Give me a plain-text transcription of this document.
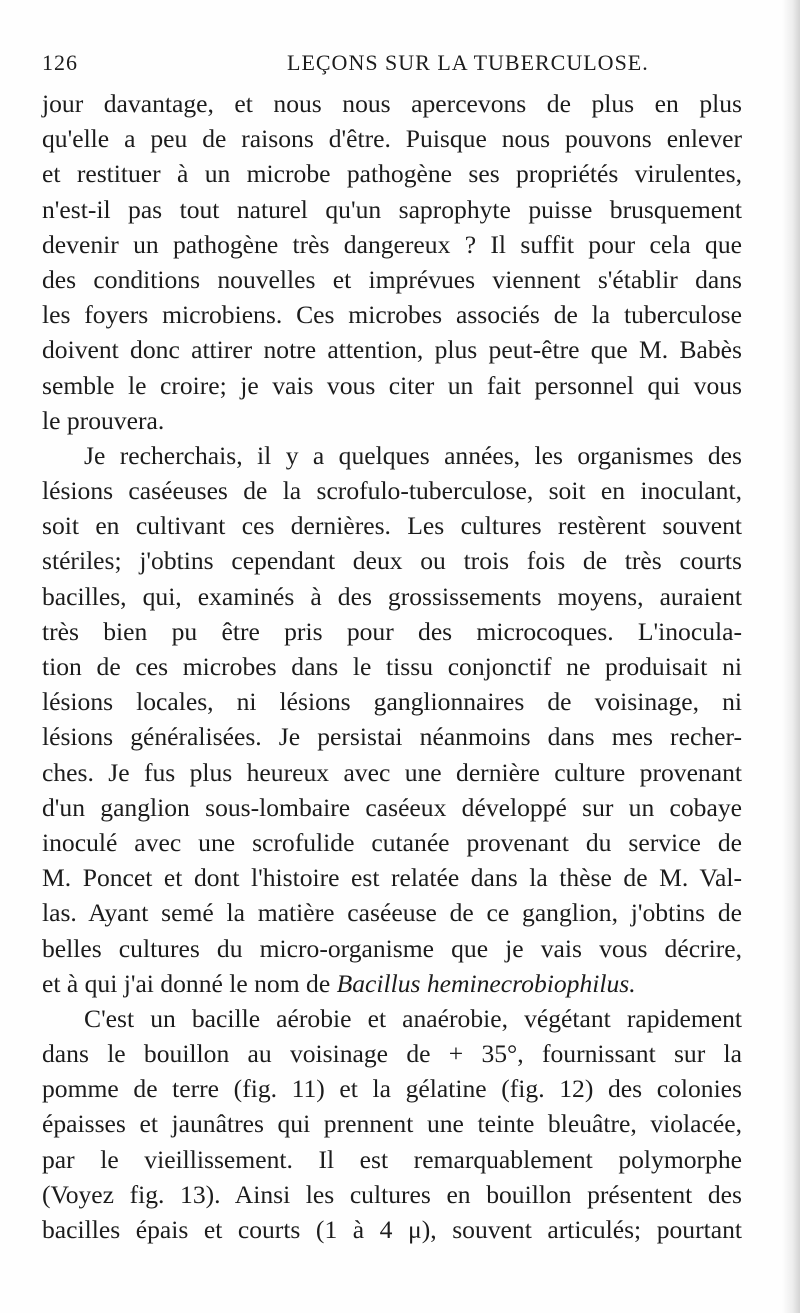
126	LEÇONS SUR LA TUBERCULOSE.
jour davantage, et nous nous apercevons de plus en plus
qu'elle a peu de raisons d'être. Puisque nous pouvons enlever
et restituer à un microbe pathogène ses propriétés virulentes,
n'est-il pas tout naturel qu'un saprophyte puisse brusquement
devenir un pathogène très dangereux ? Il suffit pour cela que
des conditions nouvelles et imprévues viennent s'établir dans
les foyers microbiens. Ces microbes associés de la tuberculose
doivent donc attirer notre attention, plus peut-être que M. Babès
semble le croire; je vais vous citer un fait personnel qui vous
le prouvera.
Je recherchais, il y a quelques années, les organismes des
lésions caséeuses de la scrofulo-tuberculose, soit en inoculant,
soit en cultivant ces dernières. Les cultures restèrent souvent
stériles; j'obtins cependant deux ou trois fois de très courts
bacilles, qui, examinés à des grossissements moyens, auraient
très bien pu être pris pour des microcoques. L'inocula-
tion de ces microbes dans le tissu conjonctif ne produisait ni
lésions locales, ni lésions ganglionnaires de voisinage, ni
lésions généralisées. Je persistai néanmoins dans mes recher-
ches. Je fus plus heureux avec une dernière culture provenant
d'un ganglion sous-lombaire caséeux développé sur un cobaye
inoculé avec une scrofulide cutanée provenant du service de
M. Poncet et dont l'histoire est relatée dans la thèse de M. Val-
las. Ayant semé la matière caséeuse de ce ganglion, j'obtins de
belles cultures du micro-organisme que je vais vous décrire,
et à qui j'ai donné le nom de Bacillus heminecrobiophilus.
C'est un bacille aérobie et anaérobie, végétant rapidement
dans le bouillon au voisinage de + 35°, fournissant sur la
pomme de terre (fig. 11) et la gélatine (fig. 12) des colonies
épaisses et jaunâtres qui prennent une teinte bleuâtre, violacée,
par le vieillissement. Il est remarquablement polymorphe
(Voyez fig. 13). Ainsi les cultures en bouillon présentent des
bacilles épais et courts (1 à 4 μ), souvent articulés; pourtant
